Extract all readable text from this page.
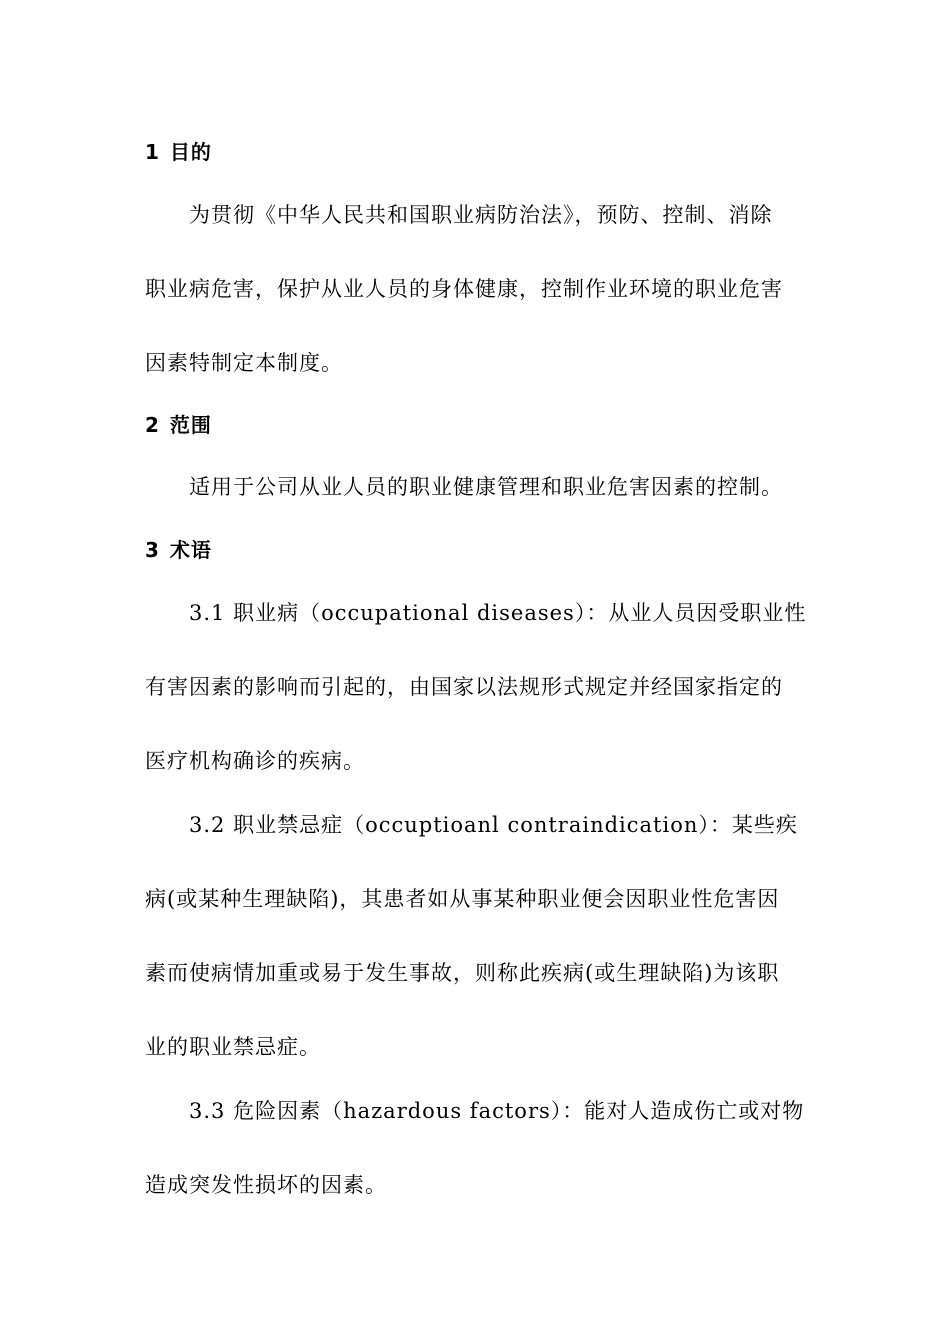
1 目的
为贯彻《中华人民共和国职业病防治法》，预防、控制、消除
职业病危害，保护从业人员的身体健康，控制作业环境的职业危害
因素特制定本制度。
2 范围
适用于公司从业人员的职业健康管理和职业危害因素的控制。
3 术语
3.1 职业病（occupational diseases）：从业人员因受职业性
有害因素的影响而引起的，由国家以法规形式规定并经国家指定的
医疗机构确诊的疾病。
3.2 职业禁忌症（occuptioanl contraindication）：某些疾
病(或某种生理缺陷)，其患者如从事某种职业便会因职业性危害因
素而使病情加重或易于发生事故，则称此疾病(或生理缺陷)为该职
业的职业禁忌症。
3.3 危险因素（hazardous factors）：能对人造成伤亡或对物
造成突发性损坏的因素。
